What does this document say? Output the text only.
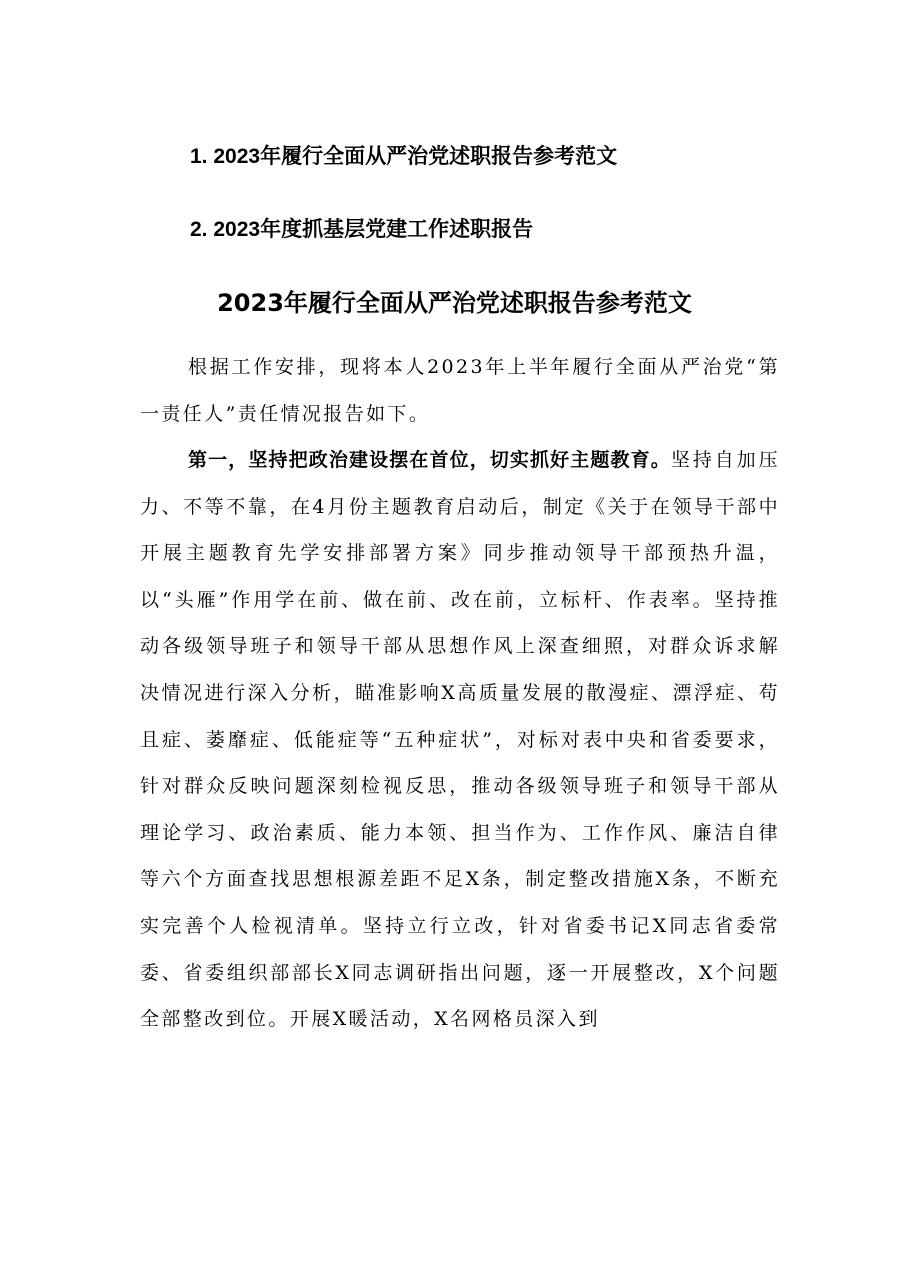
1. 2023年履行全面从严治党述职报告参考范文
2. 2023年度抓基层党建工作述职报告
2023年履行全面从严治党述职报告参考范文

根据工作安排，现将本人2023年上半年履行全面从严治党“第一责任人”责任情况报告如下。

第一，坚持把政治建设摆在首位，切实抓好主题教育。坚持自加压力、不等不靠，在4月份主题教育启动后，制定《关于在领导干部中开展主题教育先学安排部署方案》同步推动领导干部预热升温，以“头雁”作用学在前、做在前、改在前，立标杆、作表率。坚持推动各级领导班子和领导干部从思想作风上深查细照，对群众诉求解决情况进行深入分析，瞄准影响X高质量发展的散漫症、漂浮症、苟且症、萎靡症、低能症等“五种症状”，对标对表中央和省委要求，针对群众反映问题深刻检视反思，推动各级领导班子和领导干部从理论学习、政治素质、能力本领、担当作为、工作作风、廉洁自律等六个方面查找思想根源差距不足X条，制定整改措施X条，不断充实完善个人检视清单。坚持立行立改，针对省委书记X同志省委常委、省委组织部部长X同志调研指出问题，逐一开展整改，X个问题全部整改到位。开展X暖活动，X名网格员深入到
